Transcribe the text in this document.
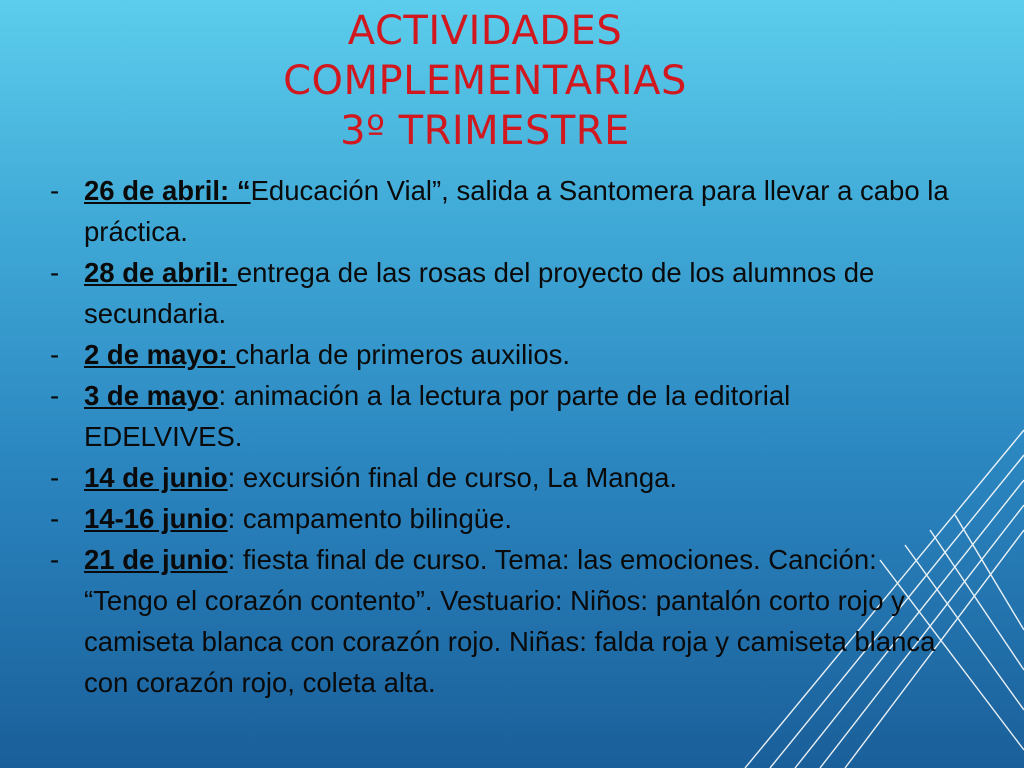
ACTIVIDADES
COMPLEMENTARIAS
3º TRIMESTRE
- 26 de abril: “Educación Vial”, salida a Santomera para llevar a cabo la práctica.
- 28 de abril: entrega de las rosas del proyecto de los alumnos de secundaria.
- 2 de mayo: charla de primeros auxilios.
- 3 de mayo: animación a la lectura por parte de la editorial EDELVIVES.
- 14 de junio: excursión final de curso, La Manga.
- 14-16 junio: campamento bilingüe.
- 21 de junio: fiesta final de curso. Tema: las emociones. Canción: “Tengo el corazón contento”. Vestuario: Niños: pantalón corto rojo y camiseta blanca con corazón rojo. Niñas: falda roja y camiseta blanca con corazón rojo, coleta alta.
